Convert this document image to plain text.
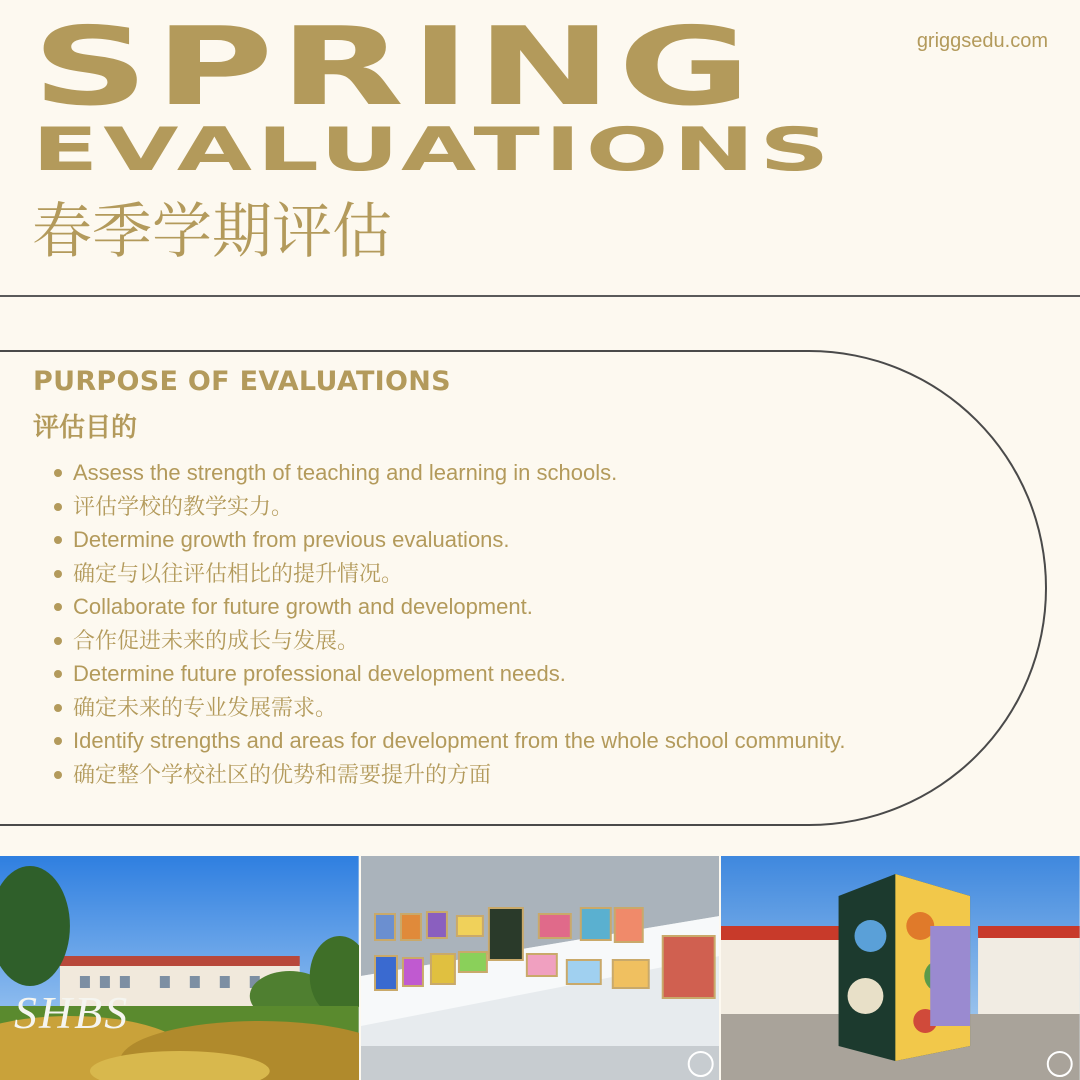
griggsedu.com
SPRING
EVALUATIONS
春季学期评估
PURPOSE OF EVALUATIONS
评估目的
Assess the strength of teaching and learning in schools.
评估学校的教学实力。
Determine growth from previous evaluations.
确定与以往评估相比的提升情况。
Collaborate for future growth and development.
合作促进未来的成长与发展。
Determine future professional development needs.
确定未来的专业发展需求。
Identify strengths and areas for development from the whole school community.
确定整个学校社区的优势和需要提升的方面
SHBS
